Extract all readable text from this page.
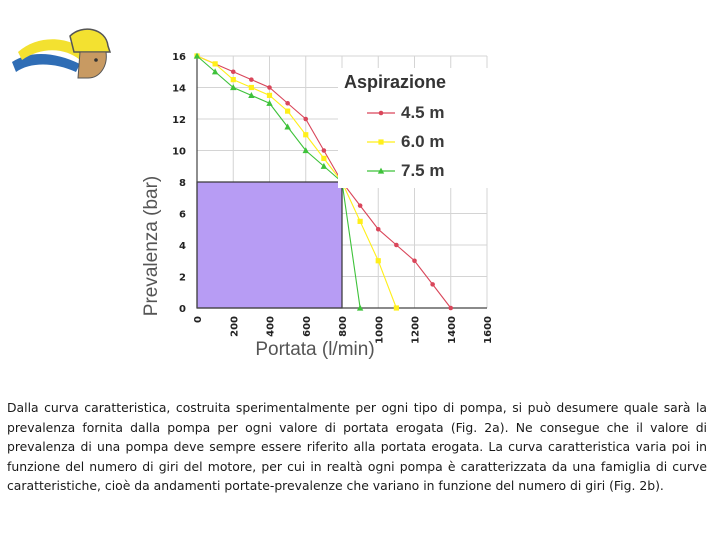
0
2
4
6
8
10
12
14
16
0	200	400	600	800	1000	1200	1400	1600
Prevalenza (bar)
Portata (l/min)
Aspirazione
4.5 m
6.0 m
7.5 m

Dalla curva caratteristica, costruita sperimentalmente per ogni tipo di pompa, si può desumere quale sarà la prevalenza fornita dalla pompa per ogni valore di portata erogata (Fig. 2a). Ne consegue che il valore di prevalenza di una pompa deve sempre essere riferito alla portata erogata. La curva caratteristica varia poi in funzione del numero di giri del motore, per cui in realtà ogni pompa è caratterizzata da una famiglia di curve caratteristiche, cioè da andamenti portate-prevalenze che variano in funzione del numero di giri (Fig. 2b).
